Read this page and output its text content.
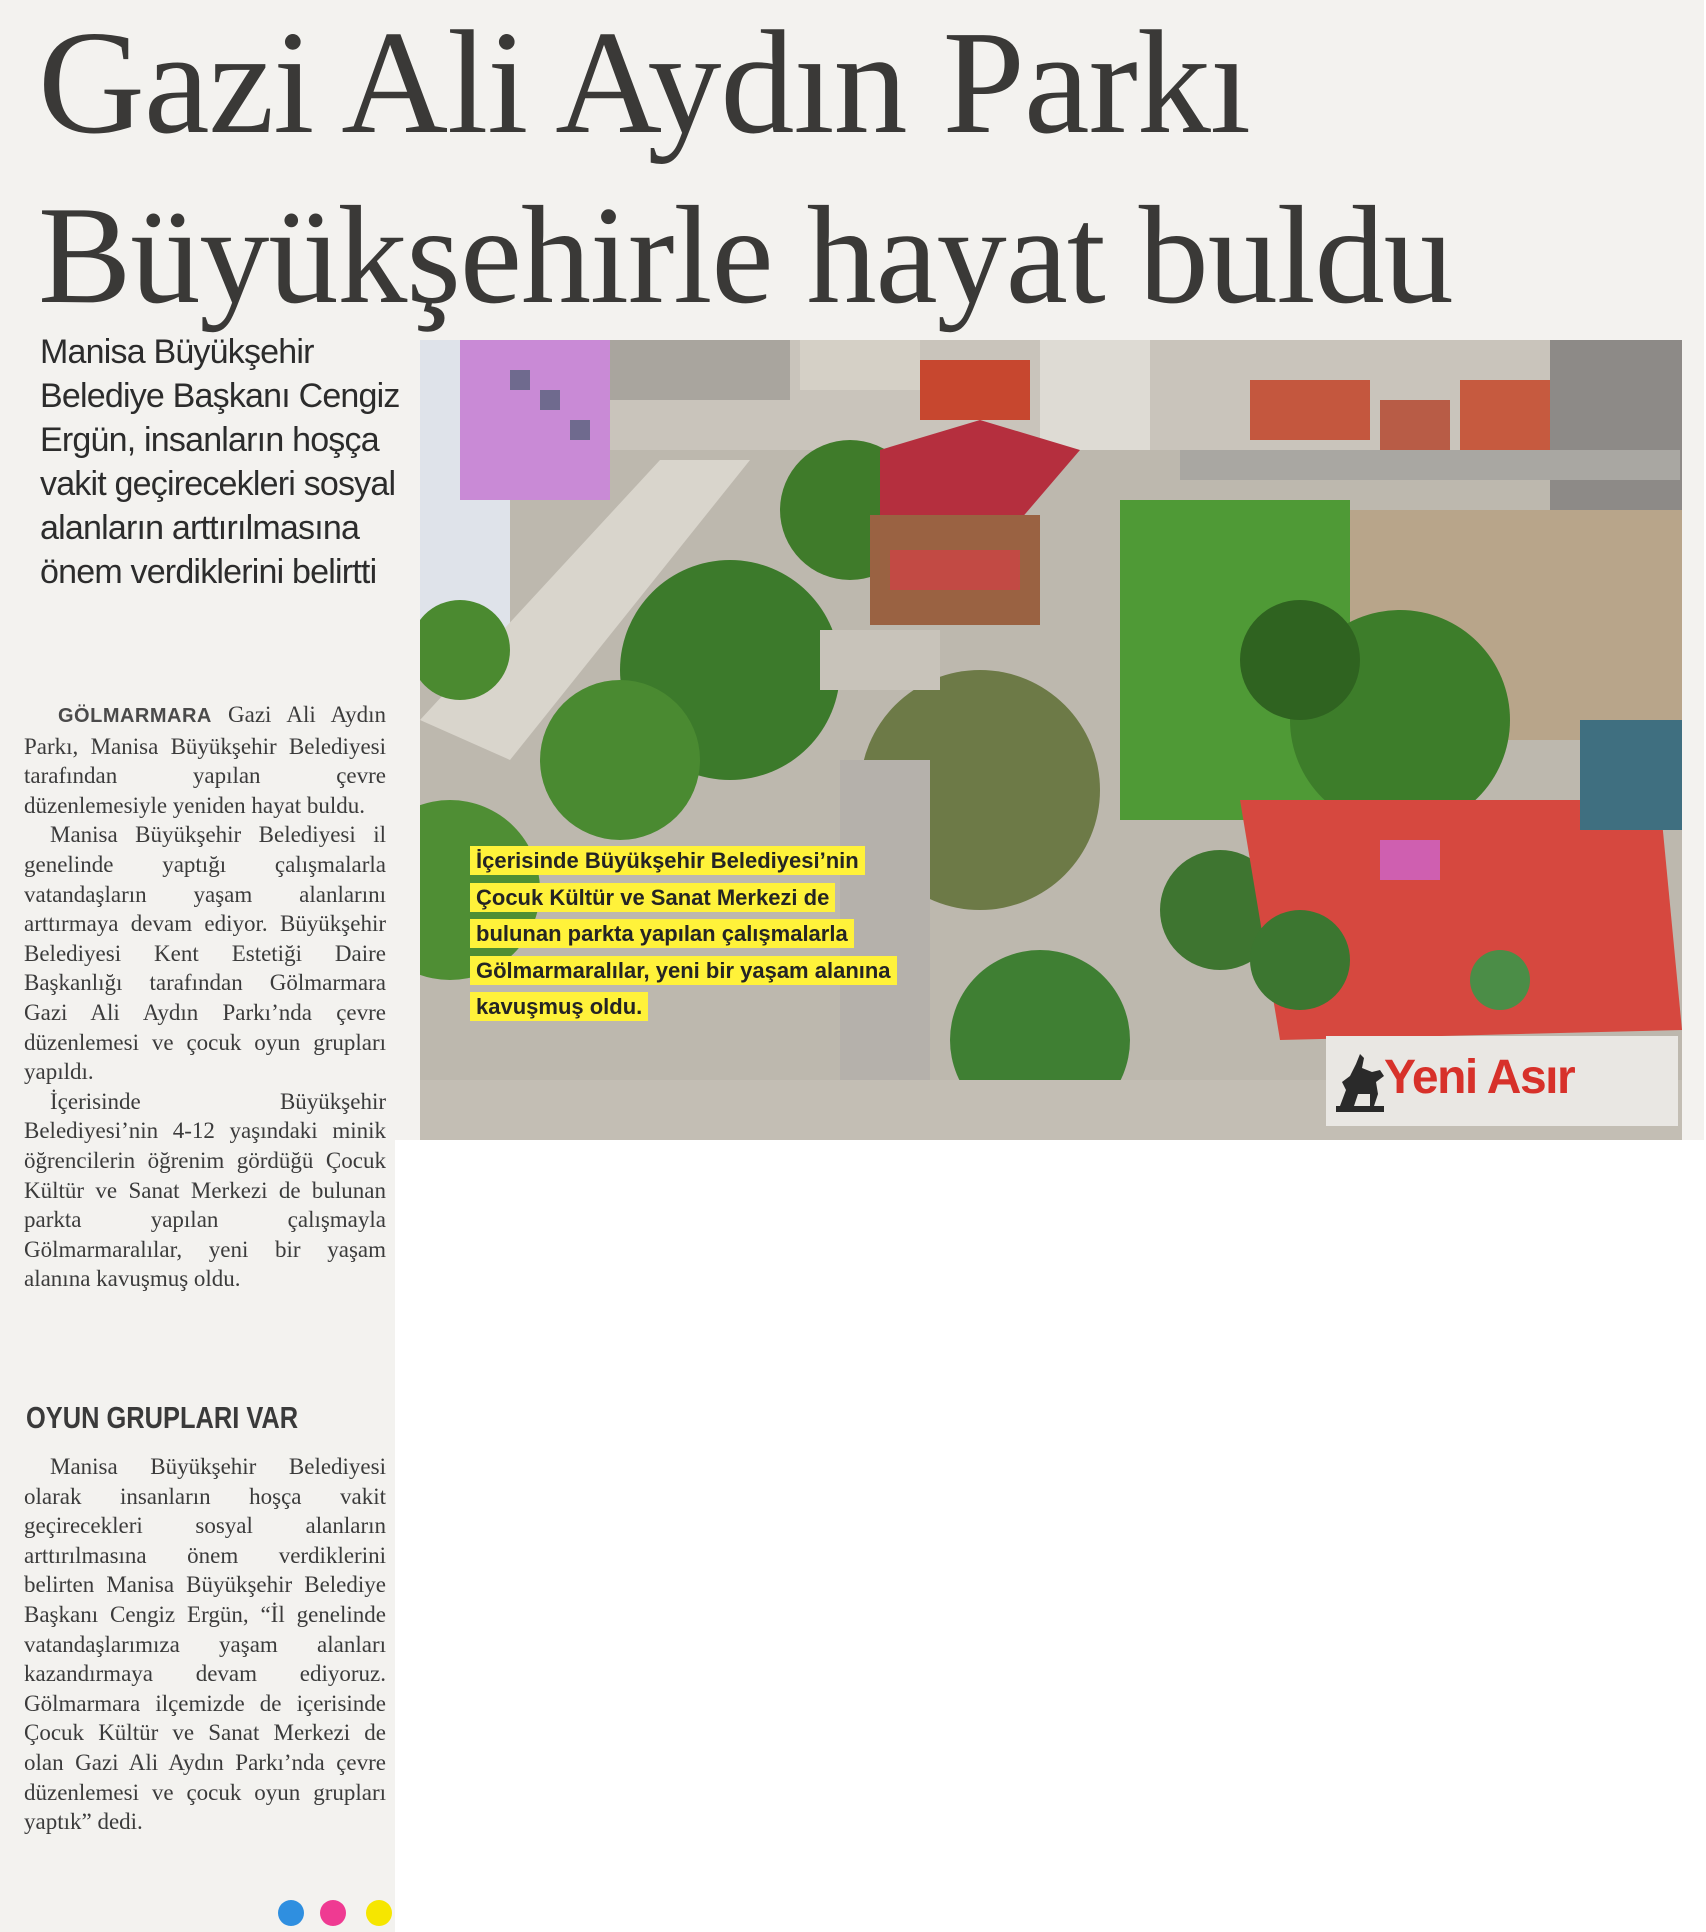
Gazi Ali Aydın Parkı
Büyükşehirle hayat buldu

Manisa Büyükşehir Belediye Başkanı Cengiz Ergün, insanların hoşça vakit geçirecekleri sosyal alanların arttırılmasına önem verdiklerini belirtti

GÖLMARMARA Gazi Ali Aydın Parkı, Manisa Büyükşehir Belediyesi tarafından yapılan çevre düzenlemesiyle yeniden hayat buldu.

Manisa Büyükşehir Belediyesi il genelinde yaptığı çalışmalarla vatandaşların yaşam alanlarını arttırmaya devam ediyor. Büyükşehir Belediyesi Kent Estetiği Daire Başkanlığı tarafından Gölmarmara Gazi Ali Aydın Parkı’nda çevre düzenlemesi ve çocuk oyun grupları yapıldı.

İçerisinde Büyükşehir Belediyesi’nin 4-12 yaşındaki minik öğrencilerin öğrenim gördüğü Çocuk Kültür ve Sanat Merkezi de bulunan parkta yapılan çalışmayla Gölmarmaralılar, yeni bir yaşam alanına kavuşmuş oldu.

OYUN GRUPLARI VAR

Manisa Büyükşehir Belediyesi olarak insanların hoşça vakit geçirecekleri sosyal alanların arttırılmasına önem verdiklerini belirten Manisa Büyükşehir Belediye Başkanı Cengiz Ergün, “İl genelinde vatandaşlarımıza yaşam alanları kazandırmaya devam ediyoruz. Gölmarmara ilçemizde de içerisinde Çocuk Kültür ve Sanat Merkezi de olan Gazi Ali Aydın Parkı’nda çevre düzenlemesi ve çocuk oyun grupları yaptık” dedi.

İçerisinde Büyükşehir Belediyesi’nin Çocuk Kültür ve Sanat Merkezi de bulunan parkta yapılan çalışmalarla Gölmarmaralılar, yeni bir yaşam alanına kavuşmuş oldu.
Yeni Asır
